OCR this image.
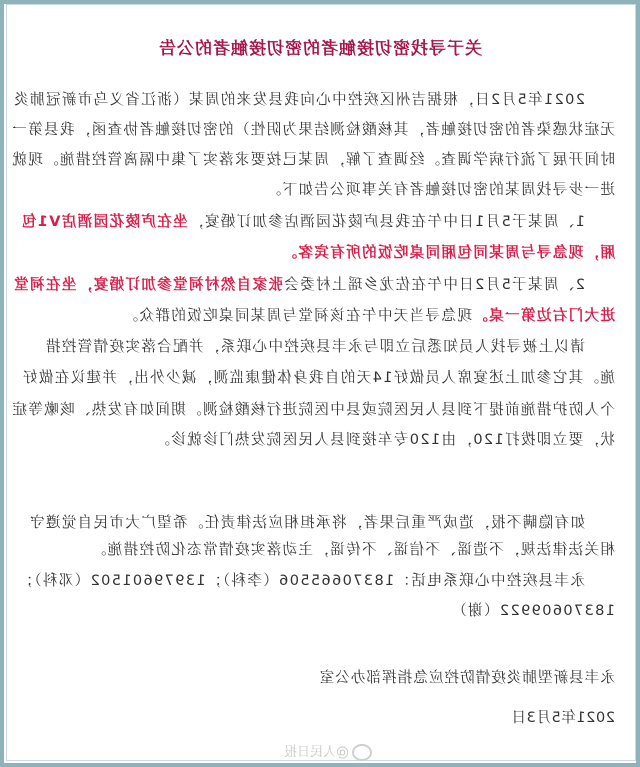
关于寻找密切接触者的密切接触者的公告
2021年5月2日，根据吉州区疾控中心向我县发来的周某（浙江省义乌市新冠肺炎
无症状感染者的密切接触者，其核酸检测结果为阴性）的密切接触者协查函，我县第一
时间开展了流行病学调查。经调查了解，周某已按要求落实了集中隔离管控措施。现就
进一步寻找周某的密切接触者有关事项公告如下。
1、周某于5月1日中午在我县庐陵花园酒店参加订婚宴，坐在庐陵花园酒店V1包
厢，现急寻与周某同包厢同桌吃饭的所有宾客。
2、周某于5月2日中午在佐龙乡瑶上村委会张家自然村祠堂参加订婚宴，坐在祠堂
进大门右边第一桌。现急寻当天中午在该祠堂与周某同桌吃饭的群众。
请以上被寻找人员知悉后立即与永丰县疾控中心联系，并配合落实疫情管控措
施。其它参加上述宴席人员做好14天的自我身体健康监测，减少外出，并建议在做好
个人防护措施前提下到县人民医院或县中医院进行核酸检测。期间如有发热、咳嗽等症
状，要立即拨打120，由120专车接到县人民医院发热门诊就诊。
如有隐瞒不报，造成严重后果者，将承担相应法律责任。希望广大市民自觉遵守
相关法律法规，不造谣、不信谣、不传谣，主动落实疫情常态化防控措施。
永丰县疾控中心联系电话：18370665506（李科）；13979601502（邓科）；
18370609922（谢）
永丰县新型肺炎疫情防控应急指挥部办公室
2021年5月3日
@人民日报
